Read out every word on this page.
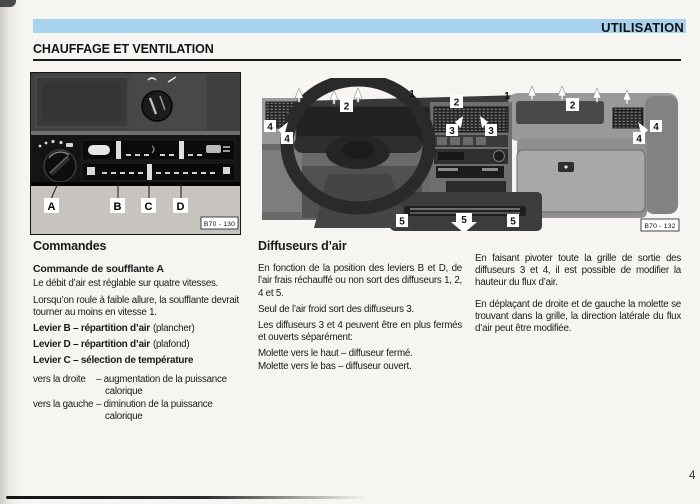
UTILISATION
CHAUFFAGE ET VENTILATION
A	B C D
B70 - 130
1	1
2	2	2
3	3
4
4
4
4
5	5	5	B70 - 132
Commandes
Commande de soufflante A

Le débit d’air est réglable sur quatre vitesses.

Lorsqu’on roule à faible allure, la soufflante devrait tourner au moins en vitesse 1.

Levier B – répartition d’air (plancher)

Levier D – répartition d’air (plafond)

Levier C – sélection de température

vers la droite	– augmentation de la puissance calorique
vers la gauche – diminution de la puissance calorique
Diffuseurs d’air

En fonction de la position des leviers B et D, de l’air frais réchauffé ou non sort des diffuseurs 1, 2, 4 et 5.

Seul de l’air froid sort des diffuseurs 3.

Les diffuseurs 3 et 4 peuvent être en plus fermés et ouverts séparément:

Molette vers le haut – diffuseur fermé.

Molette vers le bas – diffuseur ouvert.

En faisant pivoter toute la grille de sortie des diffuseurs 3 et 4, il est possible de modifier la hauteur du flux d’air.

En déplaçant de droite et de gauche la molette se trouvant dans la grille, la direction latérale du flux d’air peut être modifiée.

4
